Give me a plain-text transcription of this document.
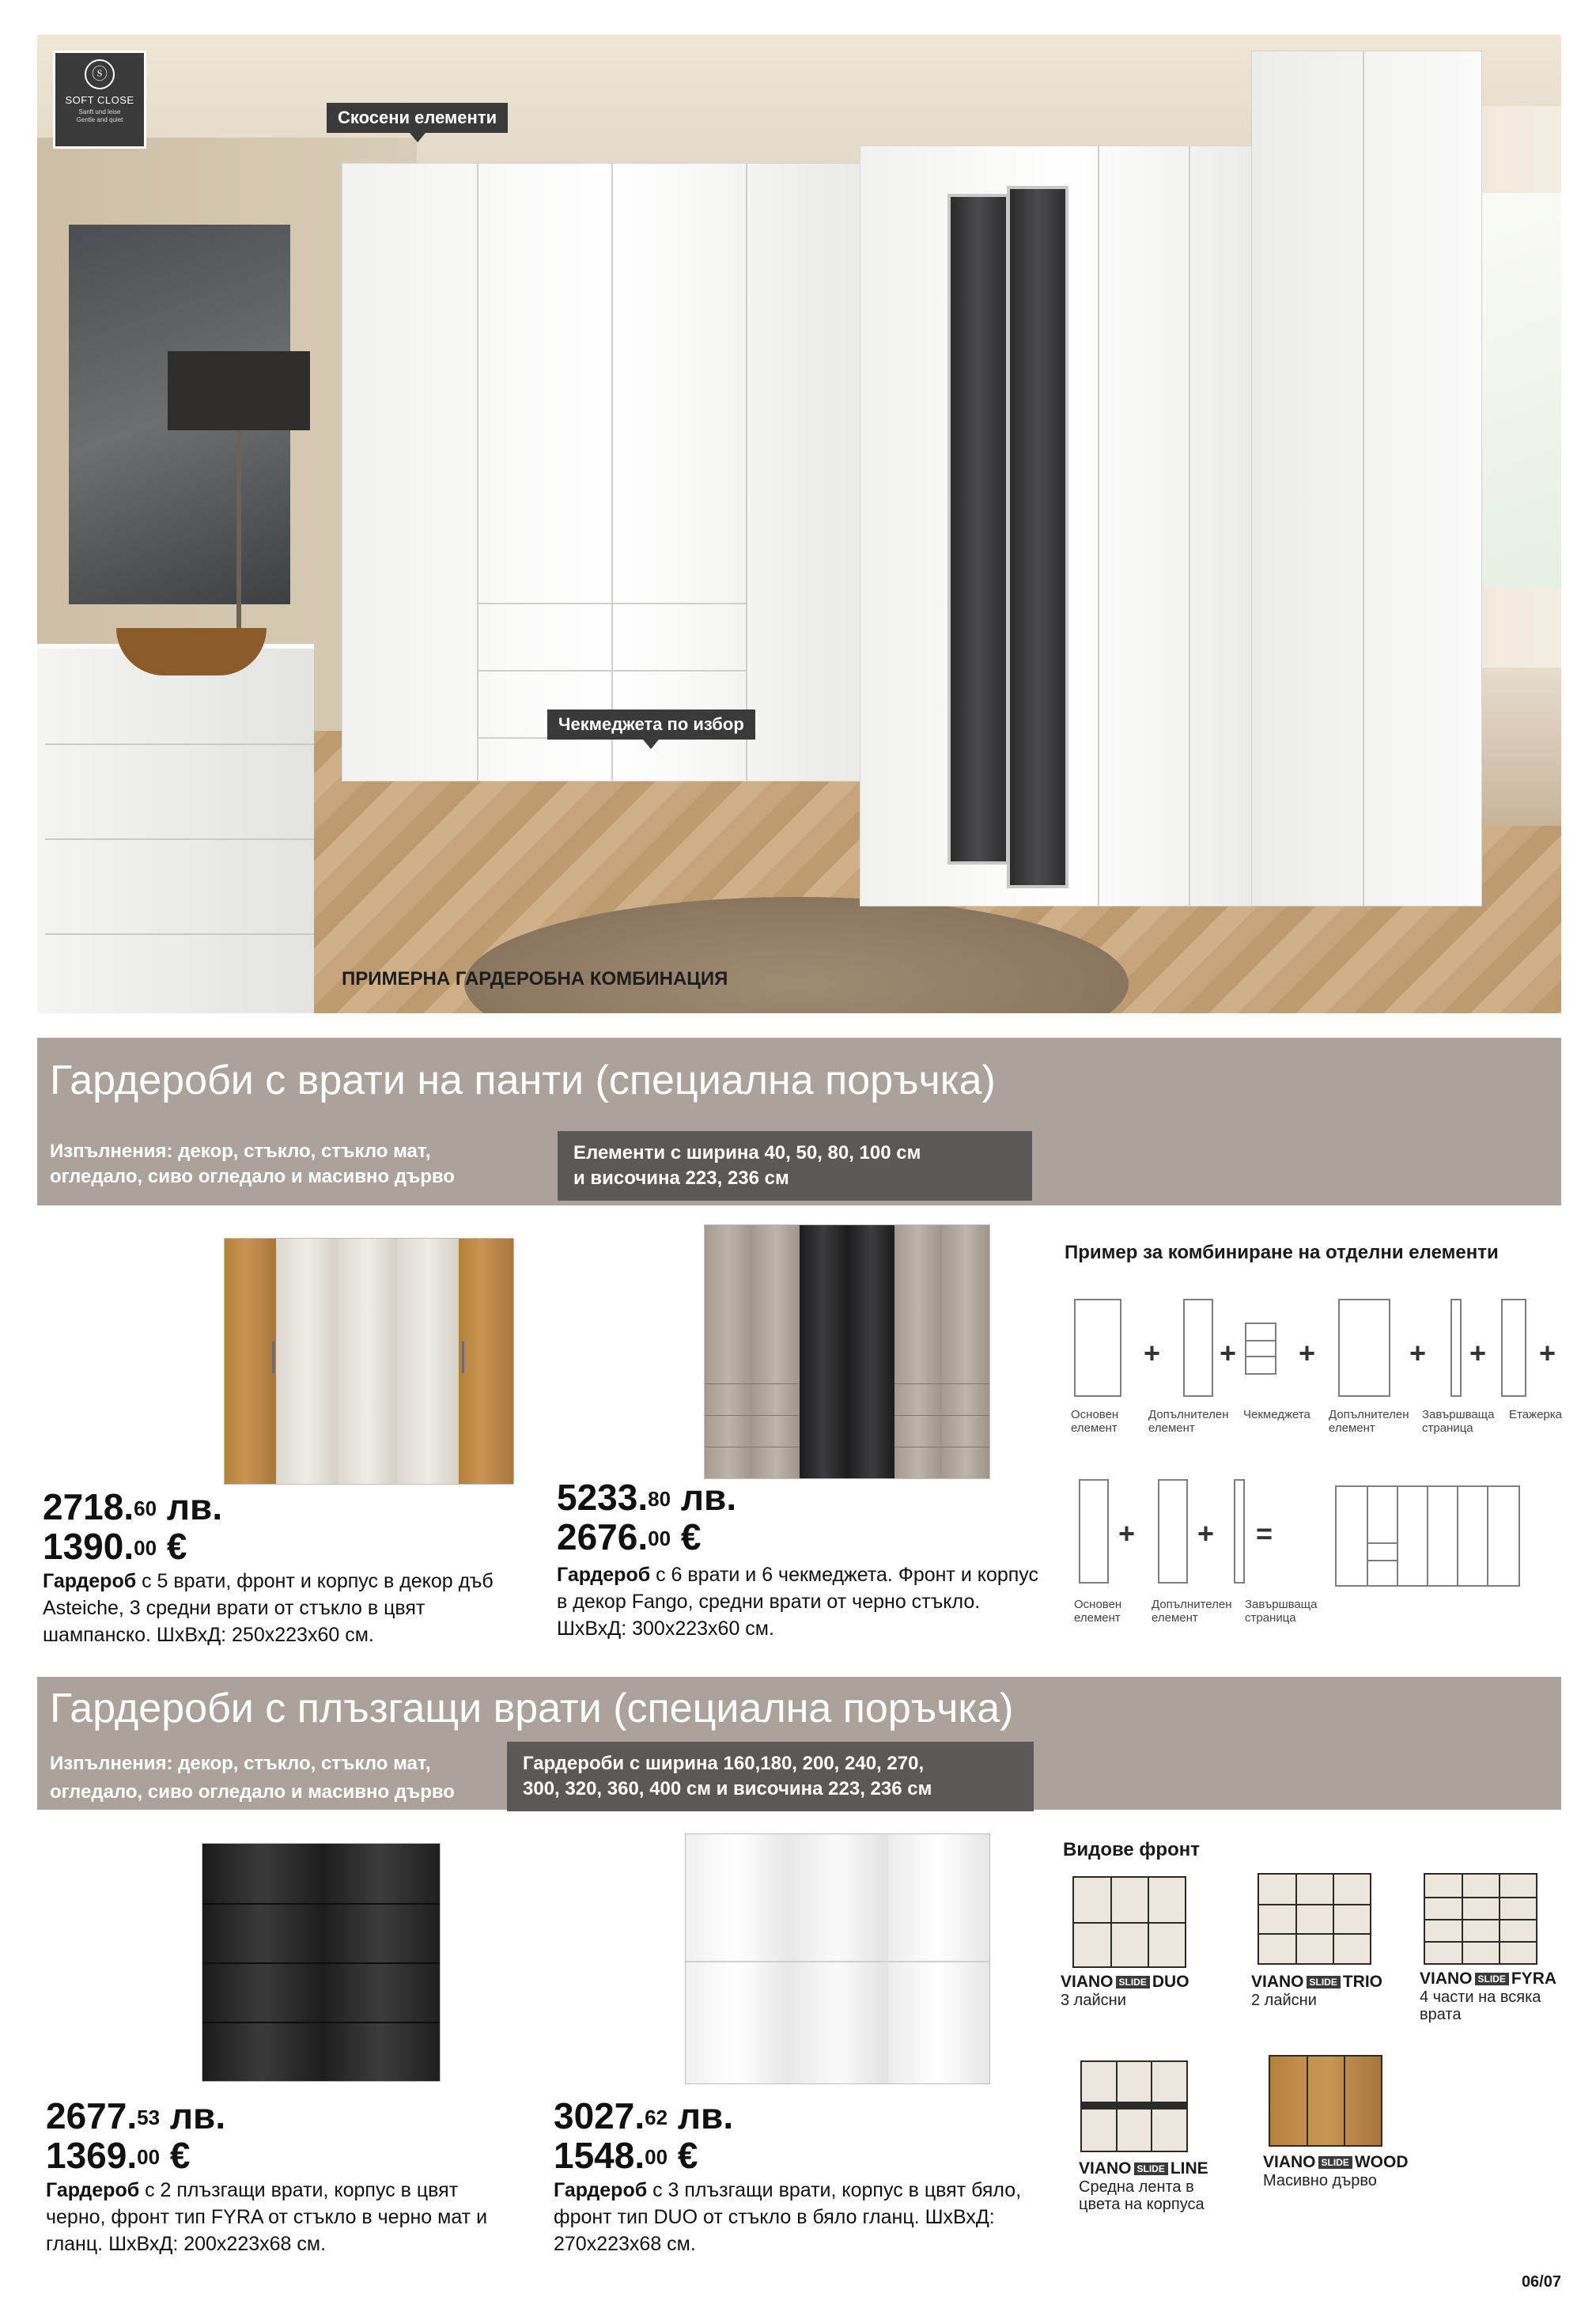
ⓢ
SOFT CLOSE
Sanft und leise
Gentle and quiet	Скосени елементи
Чекмеджета по избор
ПРИМЕРНА ГАРДЕРОБНА КОМБИНАЦИЯ
Гардероби с врати на панти (специална поръчка)
Изпълнения: декор, стъкло, стъкло мат,
огледало, сиво огледало и масивно дърво
Елементи с ширина 40, 50, 80, 100 см
и височина 223, 236 см
2718.60 лв.
1390.00 €
Гардероб с 5 врати, фронт и корпус в декор дъб Asteiche, 3 средни врати от стъкло в цвят шампанско. ШхВхД: 250x223x60 см.
5233.80 лв.
2676.00 €
Гардероб с 6 врати и 6 чекмеджета. Фронт и корпус в декор Fango, средни врати от черно стъкло. ШхВхД: 300x223x60 см.
Пример за комбиниране на отделни елементи
+ + +	+ + +
Основен
елемент
Допълнителен
елемент
Чекмеджета Допълнителен
елемент
Завършваща
страница
Етажерка
+ + =
Основен
елемент
Допълнителен
елемент
Завършваща
страница
Гардероби с плъзгащи врати (специална поръчка)
Изпълнения: декор, стъкло, стъкло мат,
огледало, сиво огледало и масивно дърво
Гардероби с ширина 160,180, 200, 240, 270,
300, 320, 360, 400 см и височина 223, 236 см
2677.53 лв.
1369.00 €
Гардероб с 2 плъзгащи врати, корпус в цвят черно, фронт тип FYRA от стъкло в черно мат и гланц. ШхВхД: 200x223x68 см.
3027.62 лв.
1548.00 €
Гардероб с 3 плъзгащи врати, корпус в цвят бяло, фронт тип DUO от стъкло в бяло гланц. ШхВхД: 270x223x68 см.
Видове фронт
VIANO SLIDE DUO
3 лайсни
VIANO SLIDE TRIO
2 лайсни
VIANO SLIDE FYRA
4 части на всяка
врата
VIANO SLIDE LINE
Средна лента в
цвета на корпуса
VIANO SLIDE WOOD
Масивно дърво
06/07
